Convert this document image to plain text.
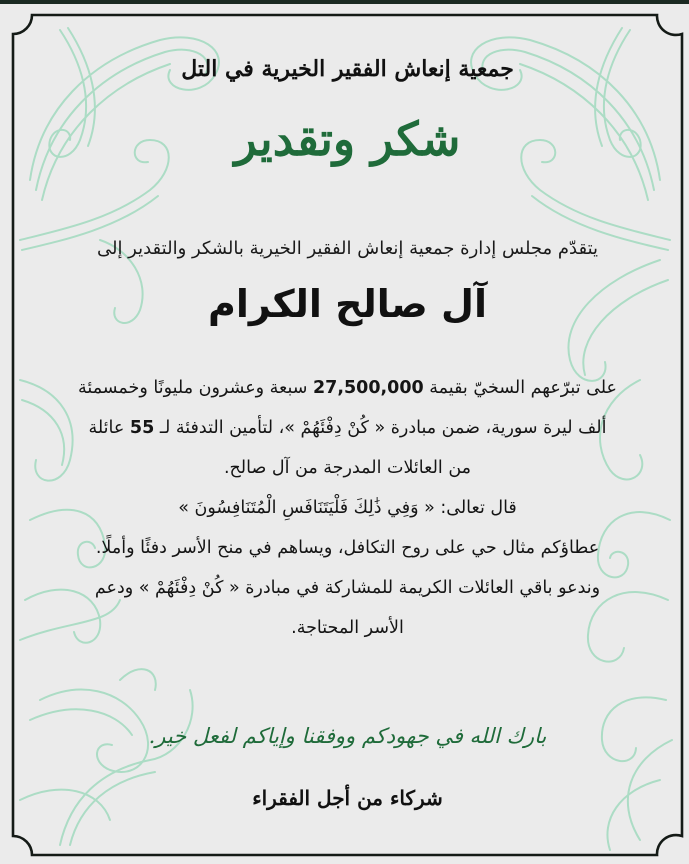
جمعية إنعاش الفقير الخيرية في التل
شكر وتقدير
يتقدّم مجلس إدارة جمعية إنعاش الفقير الخيرية بالشكر والتقدير إلى
آل صالح الكرام
على تبرّعهم السخيّ بقيمة 27,500,000 سبعة وعشرون مليونًا وخمسمئة
ألف ليرة سورية، ضمن مبادرة « كُنْ دِفْئَهُمْ »، لتأمين التدفئة لـ 55 عائلة
من العائلات المدرجة من آل صالح.
قال تعالى: « وَفِي ذَٰلِكَ فَلْيَتَنَافَسِ الْمُتَنَافِسُونَ »
عطاؤكم مثال حي على روح التكافل، ويساهم في منح الأسر دفئًا وأملًا.
وندعو باقي العائلات الكريمة للمشاركة في مبادرة « كُنْ دِفْئَهُمْ » ودعم
الأسر المحتاجة.
بارك الله في جهودكم ووفقنا وإياكم لفعل خير.
شركاء من أجل الفقراء
